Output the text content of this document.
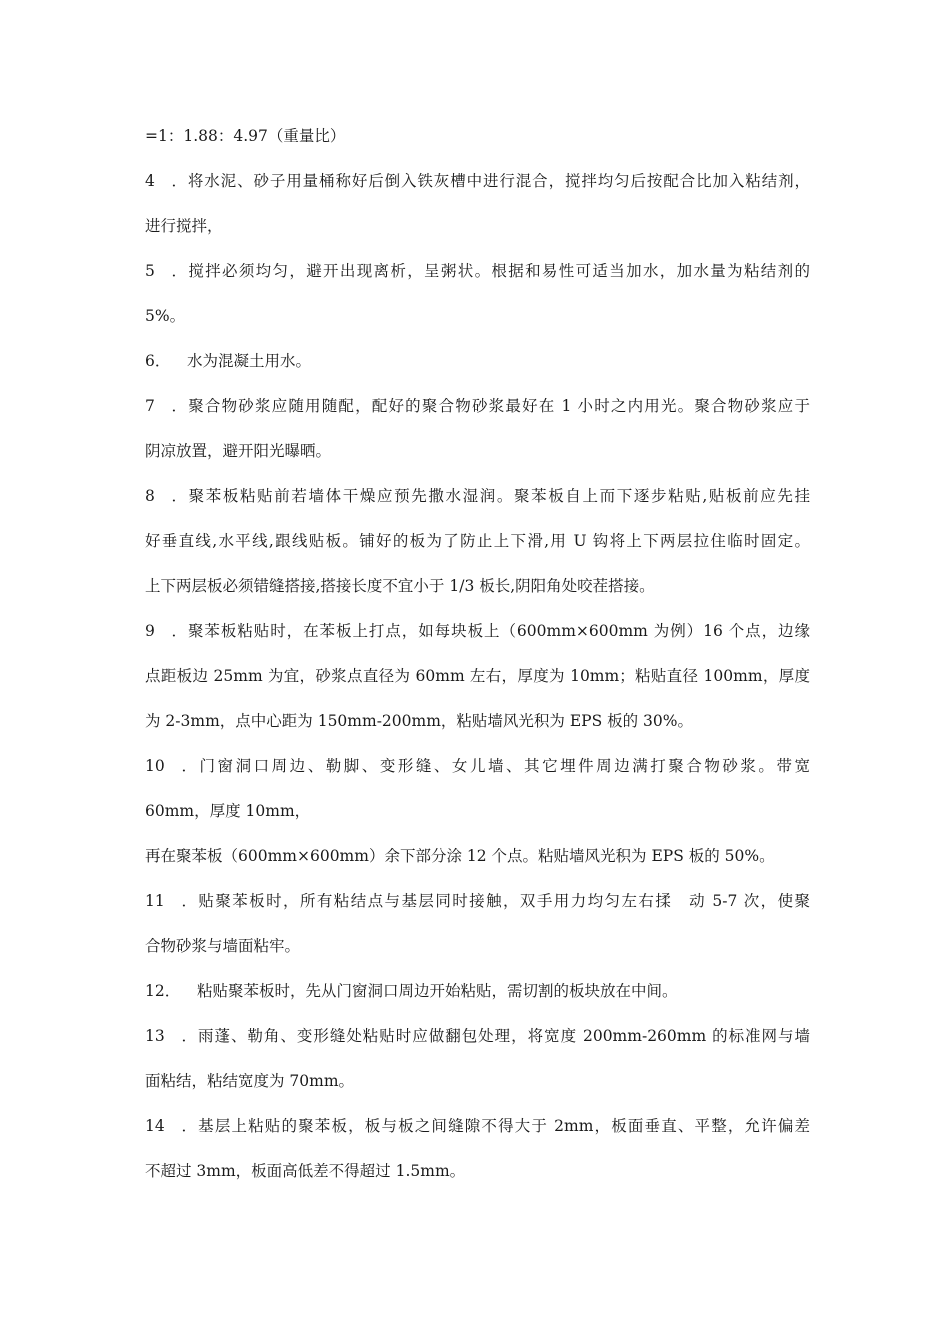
=1：1.88：4.97（重量比）
4．将水泥、砂子用量桶称好后倒入铁灰槽中进行混合，搅拌均匀后按配合比加入粘结剂，
进行搅拌，
5．搅拌必须均匀，避开出现离析，呈粥状。根据和易性可适当加水，加水量为粘结剂的
5%。
6． 水为混凝土用水。
7．聚合物砂浆应随用随配，配好的聚合物砂浆最好在 1 小时之内用光。聚合物砂浆应于
阴凉放置，避开阳光曝晒。
8．聚苯板粘贴前若墙体干燥应预先撒水湿润。聚苯板自上而下逐步粘贴,贴板前应先挂
好垂直线,水平线,跟线贴板。铺好的板为了防止上下滑,用 U 钩将上下两层拉住临时固定。
上下两层板必须错缝搭接,搭接长度不宜小于 1/3 板长,阴阳角处咬茬搭接。
9．聚苯板粘贴时，在苯板上打点，如每块板上（600mm×600mm 为例）16 个点，边缘
点距板边 25mm 为宜，砂浆点直径为 60mm 左右，厚度为 10mm；粘贴直径 100mm，厚度
为 2-3mm，点中心距为 150mm-200mm，粘贴墙风光积为 EPS 板的 30%。
10．门窗洞口周边、勒脚、变形缝、女儿墙、其它埋件周边满打聚合物砂浆。带宽
60mm，厚度 10mm，
再在聚苯板（600mm×600mm）余下部分涂 12 个点。粘贴墙风光积为 EPS 板的 50%。
11．贴聚苯板时，所有粘结点与基层同时接触，双手用力均匀左右揉　动 5-7 次，使聚
合物砂浆与墙面粘牢。
12． 粘贴聚苯板时，先从门窗洞口周边开始粘贴，需切割的板块放在中间。
13．雨蓬、勒角、变形缝处粘贴时应做翻包处理，将宽度 200mm-260mm 的标准网与墙
面粘结，粘结宽度为 70mm。
14．基层上粘贴的聚苯板，板与板之间缝隙不得大于 2mm，板面垂直、平整，允许偏差
不超过 3mm，板面高低差不得超过 1.5mm。
